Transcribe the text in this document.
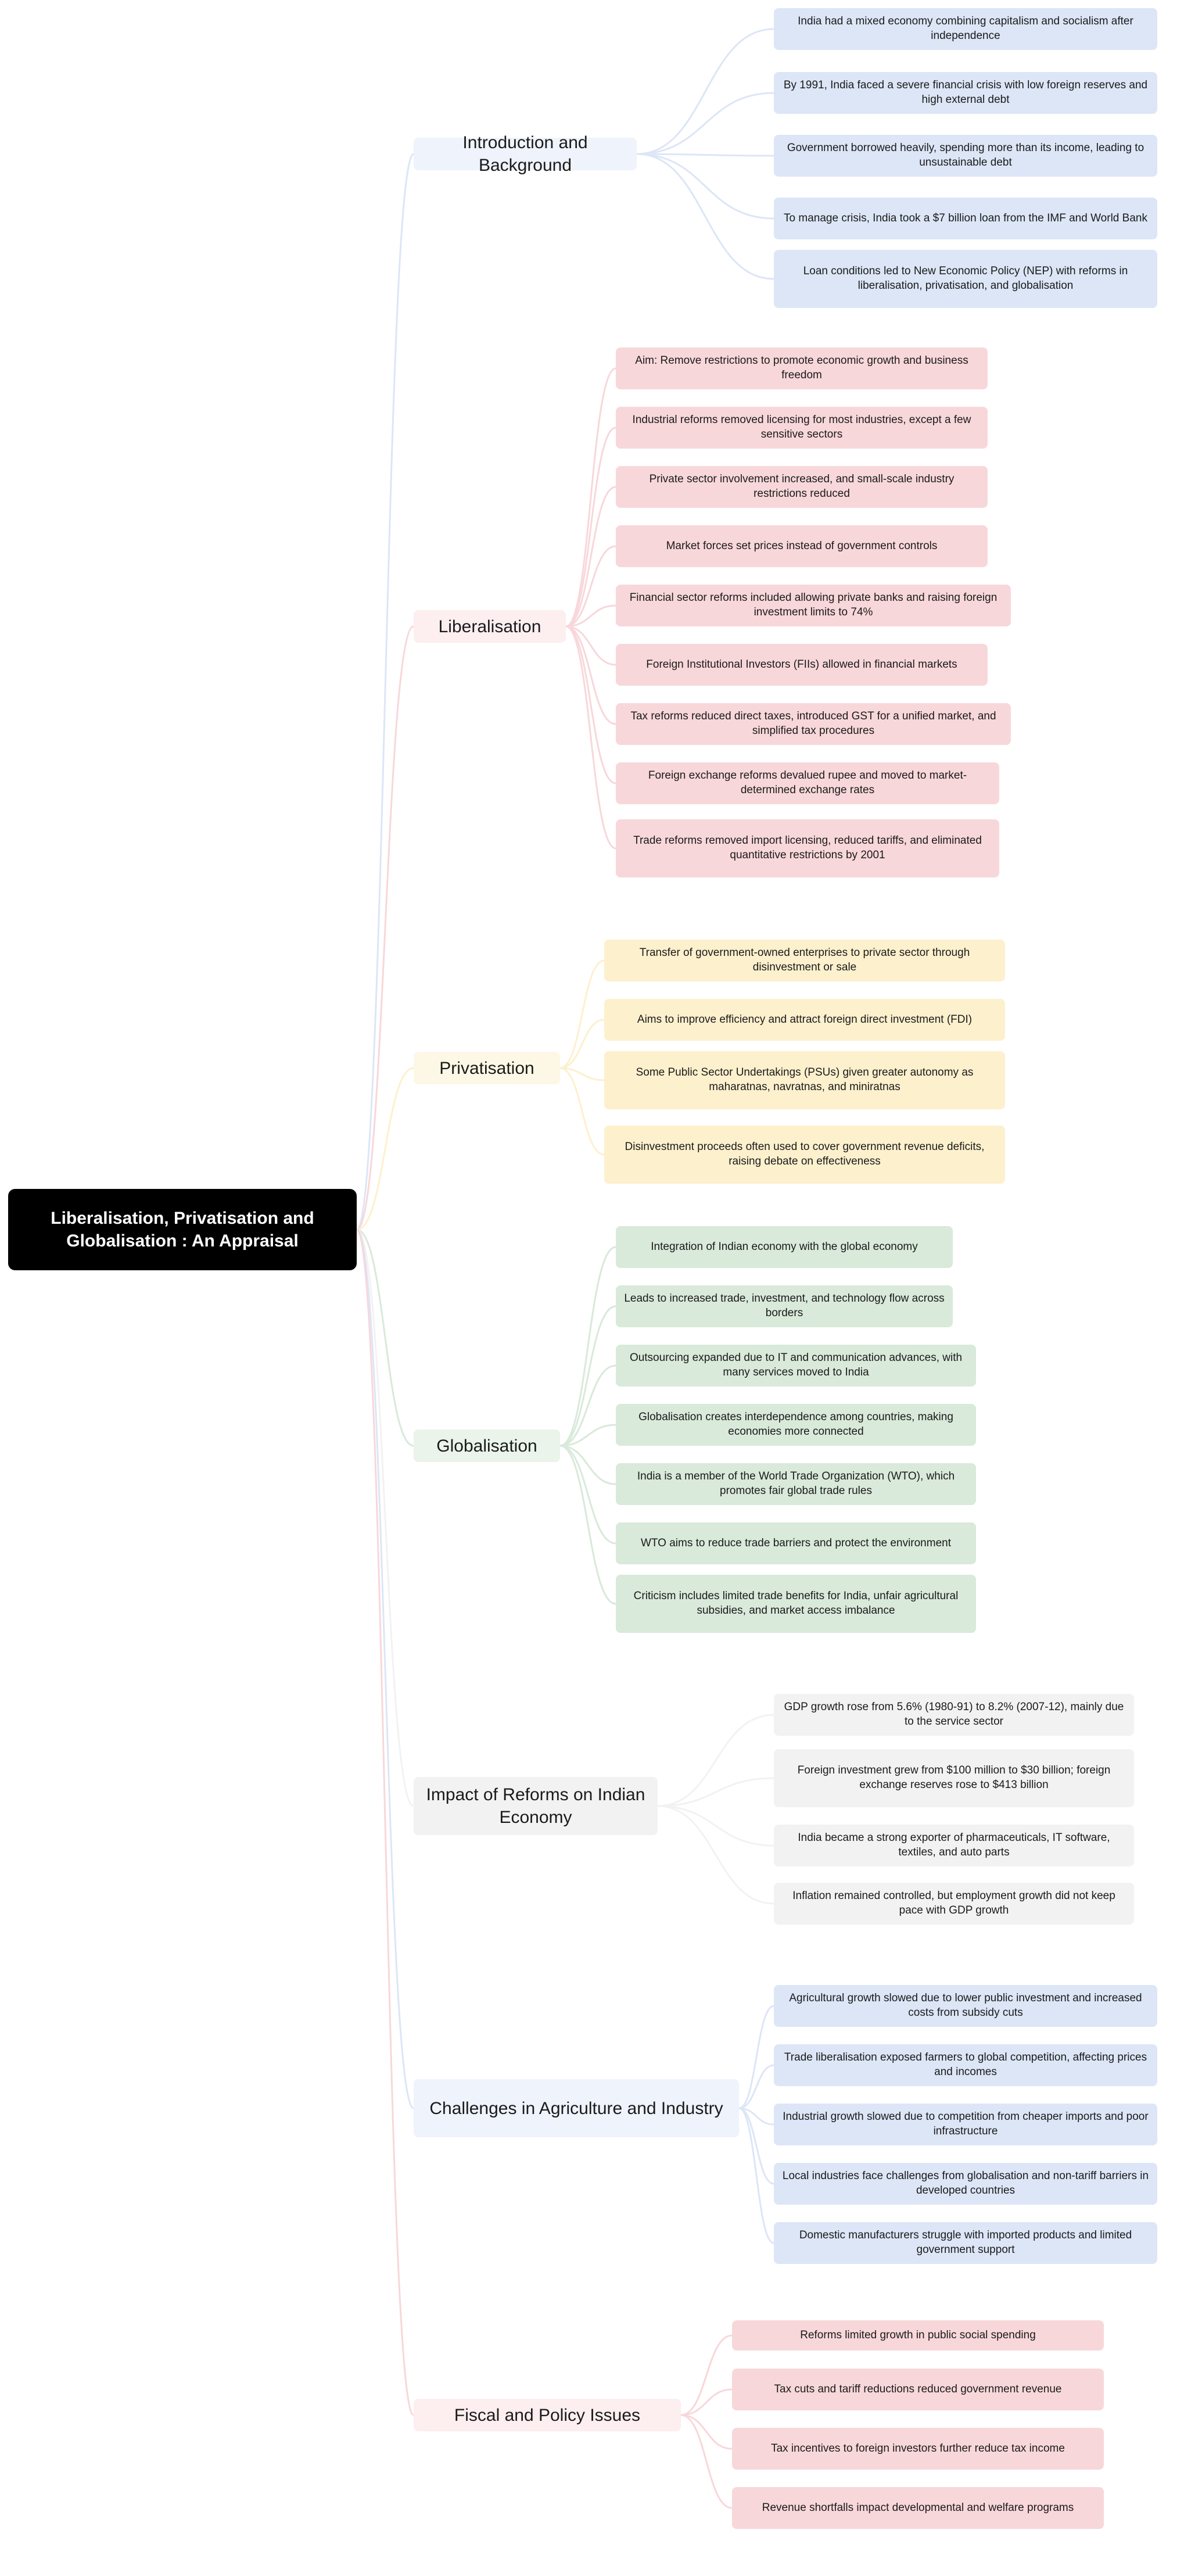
Liberalisation, Privatisation and Globalisation : An Appraisal
Introduction and Background
India had a mixed economy combining capitalism and socialism after independence
By 1991, India faced a severe financial crisis with low foreign reserves and high external debt
Government borrowed heavily, spending more than its income, leading to unsustainable debt
To manage crisis, India took a $7 billion loan from the IMF and World Bank
Loan conditions led to New Economic Policy (NEP) with reforms in liberalisation, privatisation, and globalisation
Liberalisation
Aim: Remove restrictions to promote economic growth and business freedom
Industrial reforms removed licensing for most industries, except a few sensitive sectors
Private sector involvement increased, and small-scale industry restrictions reduced
Market forces set prices instead of government controls
Financial sector reforms included allowing private banks and raising foreign investment limits to 74%
Foreign Institutional Investors (FIIs) allowed in financial markets
Tax reforms reduced direct taxes, introduced GST for a unified market, and simplified tax procedures
Foreign exchange reforms devalued rupee and moved to market-determined exchange rates
Trade reforms removed import licensing, reduced tariffs, and eliminated quantitative restrictions by 2001
Privatisation
Transfer of government-owned enterprises to private sector through disinvestment or sale
Aims to improve efficiency and attract foreign direct investment (FDI)
Some Public Sector Undertakings (PSUs) given greater autonomy as maharatnas, navratnas, and miniratnas
Disinvestment proceeds often used to cover government revenue deficits, raising debate on effectiveness
Globalisation
Integration of Indian economy with the global economy
Leads to increased trade, investment, and technology flow across borders
Outsourcing expanded due to IT and communication advances, with many services moved to India
Globalisation creates interdependence among countries, making economies more connected
India is a member of the World Trade Organization (WTO), which promotes fair global trade rules
WTO aims to reduce trade barriers and protect the environment
Criticism includes limited trade benefits for India, unfair agricultural subsidies, and market access imbalance
Impact of Reforms on Indian Economy
GDP growth rose from 5.6% (1980-91) to 8.2% (2007-12), mainly due to the service sector
Foreign investment grew from $100 million to $30 billion; foreign exchange reserves rose to $413 billion
India became a strong exporter of pharmaceuticals, IT software, textiles, and auto parts
Inflation remained controlled, but employment growth did not keep pace with GDP growth
Challenges in Agriculture and Industry
Agricultural growth slowed due to lower public investment and increased costs from subsidy cuts
Trade liberalisation exposed farmers to global competition, affecting prices and incomes
Industrial growth slowed due to competition from cheaper imports and poor infrastructure
Local industries face challenges from globalisation and non-tariff barriers in developed countries
Domestic manufacturers struggle with imported products and limited government support
Fiscal and Policy Issues
Reforms limited growth in public social spending
Tax cuts and tariff reductions reduced government revenue
Tax incentives to foreign investors further reduce tax income
Revenue shortfalls impact developmental and welfare programs
